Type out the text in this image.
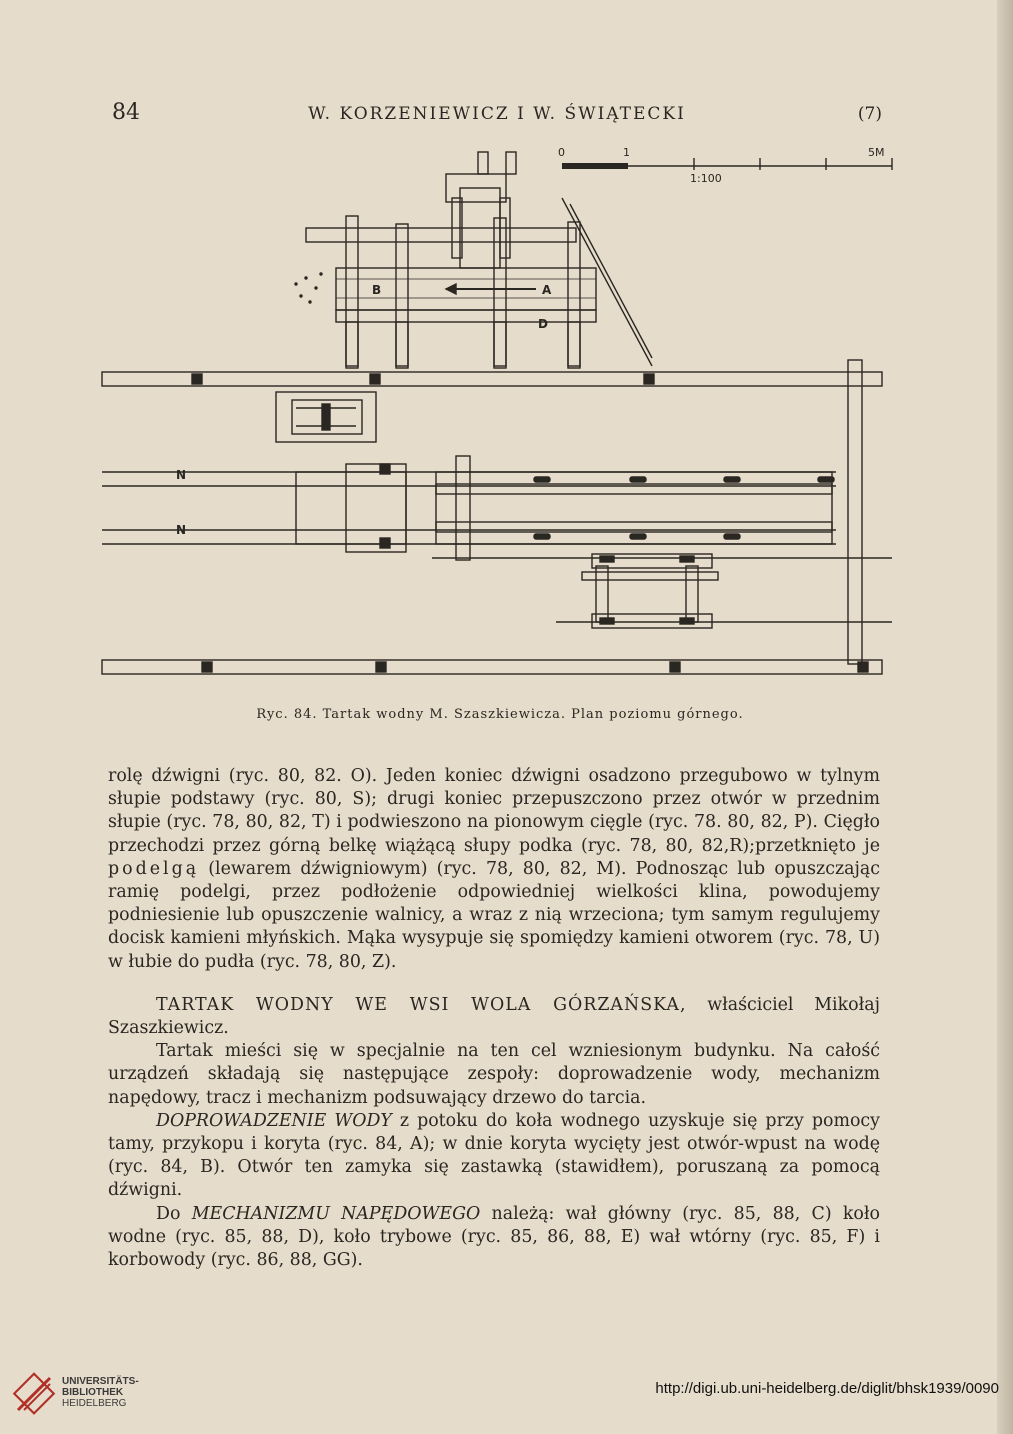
84	W. KORZENIEWICZ I W. ŚWIĄTECKI	(7)
0	1	5M
1:100
A
B
D
N
N
Ryc. 84. Tartak wodny M. Szaszkiewicza. Plan poziomu górnego.

rolę dźwigni (ryc. 80, 82. O). Jeden koniec dźwigni osadzono przegubowo w tylnym słupie podstawy (ryc. 80, S); drugi koniec przepuszczono przez otwór w przednim słupie (ryc. 78, 80, 82, T) i podwieszono na pionowym cięgle (ryc. 78. 80, 82, P). Cięgło przechodzi przez górną belkę wiążącą słupy podka (ryc. 78, 80, 82,R);przetknięto je podelgą (lewarem dźwigniowym) (ryc. 78, 80, 82, M). Podnosząc lub opuszczając ramię podelgi, przez podłożenie odpowiedniej wielkości klina, powodujemy podniesienie lub opuszczenie walnicy, a wraz z nią wrzeciona; tym samym regulujemy docisk kamieni młyńskich. Mąka wysypuje się spomiędzy kamieni otworem (ryc. 78, U) w łubie do pudła (ryc. 78, 80, Z).

TARTAK WODNY WE WSI WOLA GÓRZAŃSKA, właściciel Mikołaj Szaszkiewicz.

Tartak mieści się w specjalnie na ten cel wzniesionym budynku. Na całość urządzeń składają się następujące zespoły: doprowadzenie wody, mechanizm napędowy, tracz i mechanizm podsuwający drzewo do tarcia.

DOPROWADZENIE WODY z potoku do koła wodnego uzyskuje się przy pomocy tamy, przykopu i koryta (ryc. 84, A); w dnie koryta wycięty jest otwór-wpust na wodę (ryc. 84, B). Otwór ten zamyka się zastawką (stawidłem), poruszaną za pomocą dźwigni.

Do MECHANIZMU NAPĘDOWEGO należą: wał główny (ryc. 85, 88, C) koło wodne (ryc. 85, 88, D), koło trybowe (ryc. 85, 86, 88, E) wał wtórny (ryc. 85, F) i korbowody (ryc. 86, 88, GG).

UNIVERSITÄTS-
BIBLIOTHEK
HEIDELBERG
http://digi.ub.uni-heidelberg.de/diglit/bhsk1939/0090
